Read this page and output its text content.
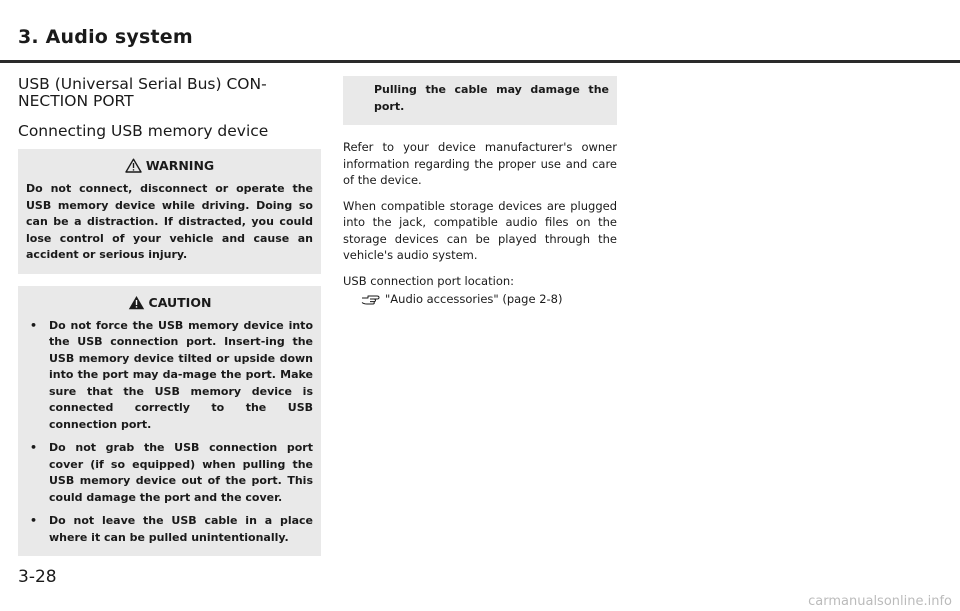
3. Audio system
USB (Universal Serial Bus) CON-
NECTION PORT
Connecting USB memory device
WARNING
Do not connect, disconnect or operate the USB memory device while driving. Doing so can be a distraction. If distracted, you could lose control of your vehicle and cause an accident or serious injury.
CAUTION
• Do not force the USB memory device into the USB connection port. Insert-ing the USB memory device tilted or upside down into the port may da-mage the port. Make sure that the USB memory device is connected correctly to the USB connection port.
• Do not grab the USB connection port cover (if so equipped) when pulling the USB memory device out of the port. This could damage the port and the cover.
• Do not leave the USB cable in a place where it can be pulled unintentionally.
Pulling the cable may damage the port.

Refer to your device manufacturer's owner information regarding the proper use and care of the device.

When compatible storage devices are plugged into the jack, compatible audio files on the storage devices can be played through the vehicle's audio system.

USB connection port location:

"Audio accessories" (page 2-8)
3-28
carmanualsonline.info
